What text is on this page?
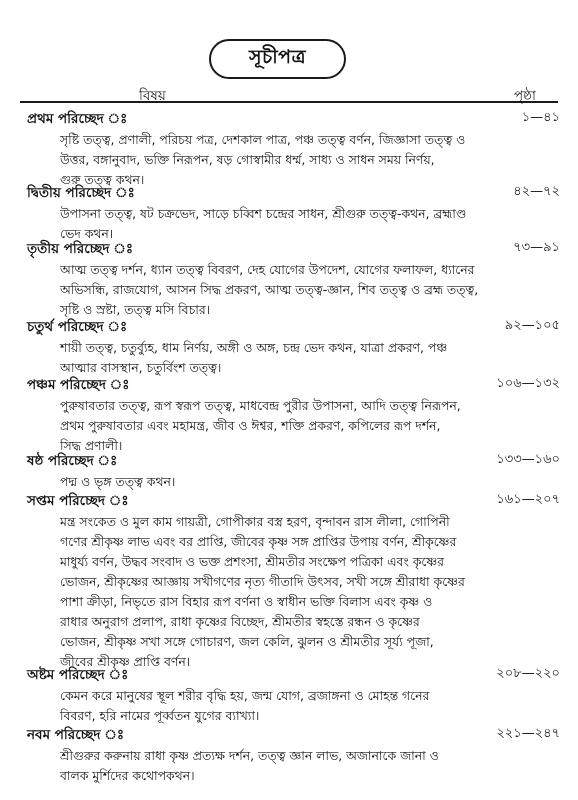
সূচীপত্র
বিষয়	পৃষ্ঠা
প্রথম পরিচ্ছেদ ঃ	১—৪১
সৃষ্টি তত্ত্ব, প্রণালী, পরিচয় পত্র, দেশকাল পাত্র, পঞ্চ তত্ত্ব বর্ণন, জিজ্ঞাসা তত্ত্ব ও
উত্তর, বঙ্গানুবাদ, ভক্তি নিরূপন, ষড় গোস্বামীর ধর্ম্ম, সাধ্য ও সাধন সময় নির্ণয়,
গুরু তত্ত্ব কথন।
দ্বিতীয় পরিচ্ছেদ ঃ	৪২—৭২
উপাসনা তত্ত্ব, ষট চক্রভেদ, সাড়ে চব্বিশ চন্দ্রের সাধন, শ্রীগুরু তত্ত্ব-কথন, ব্রহ্মাণ্ড
ভেদ কথন।
তৃতীয় পরিচ্ছেদ ঃ	৭৩—৯১
আত্ম তত্ত্ব দর্শন, ধ্যান তত্ত্ব বিবরণ, দেহ যোগের উপদেশ, যোগের ফলাফল, ধ্যানের
অভিসন্ধি, রাজযোগ, আসন সিদ্ধ প্রকরণ, আত্ম তত্ত্ব-জ্ঞান, শিব তত্ত্ব ও ব্রহ্ম তত্ত্ব,
সৃষ্টি ও স্রষ্টা, তত্ত্ব মসি বিচার।
চতুর্থ পরিচ্ছেদ ঃ	৯২—১০৫
শায়ী তত্ত্ব, চতুর্ব্যুহ, ধাম নির্ণয়, অঙ্গী ও অঙ্গ, চন্দ্র ভেদ কথন, যাত্রা প্রকরণ, পঞ্চ
আত্মার বাসস্থান, চতুর্বিংশ তত্ত্ব।
পঞ্চম পরিচ্ছেদ ঃ	১০৬—১৩২
পুরুষাবতার তত্ত্ব, রূপ স্বরূপ তত্ত্ব, মাধবেন্দ্র পুরীর উপাসনা, আদি তত্ত্ব নিরূপন,
প্রথম পুরুষাবতার এবং মহামন্ত্র, জীব ও ঈশ্বর, শক্তি প্রকরণ, কপিলের রূপ দর্শন,
সিদ্ধ প্রণালী।
ষষ্ঠ পরিচ্ছেদ ঃ	১৩৩—১৬০
পদ্ম ও ভৃঙ্গ তত্ত্ব কথন।
সপ্তম পরিচ্ছেদ ঃ	১৬১—২০৭
মন্ত্র সংকেত ও মুল কাম গায়ত্রী, গোপীকার বস্ত্র হরণ, বৃন্দাবন রাস লীলা, গোপিনী
গণের শ্রীকৃষ্ণ লাভ এবং বর প্রাপ্তি, জীবের কৃষ্ণ সঙ্গ প্রাপ্তির উপায় বর্ণন, শ্রীকৃষ্ণের
মাধুর্য্য বর্ণন, উদ্ধব সংবাদ ও ভক্ত প্রশংসা, শ্রীমতীর সংক্ষেপ পত্রিকা এবং কৃষ্ণের
ভোজন, শ্রীকৃষ্ণের আজ্ঞায় সখীগণের নৃত্য গীতাদি উৎসব, সখী সঙ্গে শ্রীরাধা কৃষ্ণের
পাশা ক্রীড়া, নিভৃতে রাস বিহার রূপ বর্ণনা ও স্বাধীন ভক্তি বিলাস এবং কৃষ্ণ ও
রাধার অনুরাগ প্রলাপ, রাধা কৃষ্ণের বিচ্ছেদ, শ্রীমতীর স্বহস্তে রন্ধন ও কৃষ্ণের
ভোজন, শ্রীকৃষ্ণ সখা সঙ্গে গোচারণ, জল কেলি, ঝুলন ও শ্রীমতীর সূর্য্য পূজা,
জীবের শ্রীকৃষ্ণ প্রাপ্তি বর্ণন।
অষ্টম পরিচ্ছেদ ঃ	২০৮—২২০
কেমন করে মানুষের স্থূল শরীর বৃদ্ধি হয়, জন্ম যোগ, ব্রজাঙ্গনা ও মোহন্ত গনের
বিবরণ, হরি নামের পূর্ব্বতন যুগের ব্যাখ্যা।
নবম পরিচ্ছেদ ঃ	২২১—২৪৭
শ্রীগুরুর করুনায় রাধা কৃষ্ণ প্রত্যক্ষ দর্শন, তত্ত্ব জ্ঞান লাভ, অজানাকে জানা ও
বালক মুর্শিদের কথোপকথন।
